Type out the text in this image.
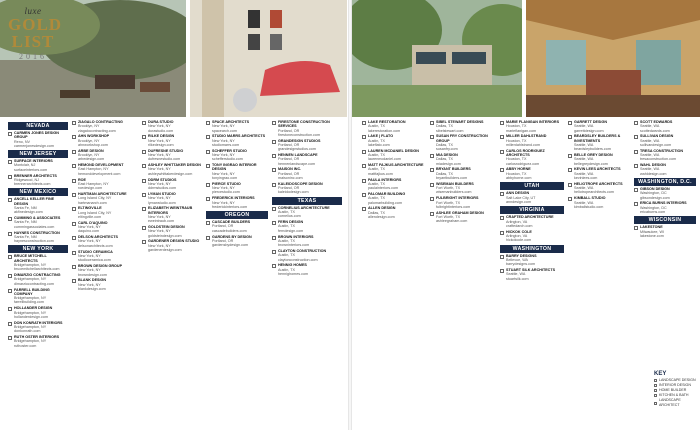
luxe
GOLD
LIST
2016
NEVADA
CARMEN JONES DESIGN GROUP
Reno, NV
carmenjonesdesign.com
NEW JERSEY
SURFACE INTERIORS
Montclair, NJ
surfaceinteriors.com
BRENNER ARCHITECTS
Ridgewood, NJ
brennerarchitects.com
NEW MEXICO
ANCELL KELLER FINE DESIGN
Santa Fe, NM
akfinedesign.com
CUMMING & ASSOCIATES
Santa Fe, NM
cummingassociates.com
HAYNES CONSTRUCTION
Santa Fe, NM
haynesconstruction.com
NEW YORK
BRUCE MITCHELL ARCHITECTS
Bridgehampton, NY
brucemitchellarchitects.com
DIMARZIO CONTRACTING
Bridgehampton, NY
dimarziocontracting.com
FARRELL BUILDING COMPANY
Bridgehampton, NY
farrellbuilding.com
HOLLANDER DESIGN
Bridgehampton, NY
hollanderdesign.com
DON KONRATH INTERIORS
Bridgehampton, NY
donkonrath.com
RUTH OSTER INTERIORS
Bridgehampton, NY
ruthoster.com
ZIAGALO CONTRACTING
Brooklyn, NY
ziagalocontracting.com
AHN WORKSHOP
Brooklyn, NY
ahnworkshop.com
ARBE DESIGN
Brooklyn, NY
arbedesign.com
HEMOND DEVELOPMENT
East Hampton, NY
hemonddevelopment.com
ROE
East Hampton, NY
roedesign.com
HARTMAN ARCHITECTURE
Long Island City, NY
hartmanarch.com
ELTINGVILLE
Long Island City, NY
eltingville.com
CARL D'AQUINO
New York, NY
daquino.com
DELSON ARCHITECTS
New York, NY
delsonarchitects.com
STUDIO CERAMICA
New York, NY
studioceramica.com
BROWN DESIGN GROUP
New York, NY
browndesign.com
BLANK DESIGN
New York, NY
blankdesign.com
DURA STUDIO
New York, NY
durastudio.com
RILKE DESIGN
New York, NY
rilkedesign.com
DUFRESNE STUDIO
New York, NY
dufresnestudio.com
ASHLEY WHITTAKER DESIGN
New York, NY
ashleywhittakerdesign.com
DDRM STUDIOS
New York, NY
ddrmstudios.com
LYMAN STUDIO
New York, NY
lymanstudio.com
ELIZABETH WEINTRAUB INTERIORS
New York, NY
eweintraub.com
GOLDSTEIN DESIGN
New York, NY
goldsteindesign.com
GARDENER DESIGN STUDIO
New York, NY
gardenerdesign.com
SPACE ARCHITECTS
New York, NY
spacearch.com
STUDIO MARRS ARCHITECTS
New York, NY
studiomarrs.com
SCHEFFER STUDIO
New York, NY
schefferstudio.com
TONY INGRAO INTERIOR DESIGN
New York, NY
tonyingrao.com
PIERCE STUDIO
New York, NY
piercestudio.com
FREDERICK INTERIORS
New York, NY
frederickinteriors.com
OREGON
CASCADE BUILDERS
Portland, OR
cascadebuilders.com
GARDENS BY DESIGN
Portland, OR
gardensbydesign.com
FIRESTONE CONSTRUCTION SERVICES
Portland, OR
firestoneconstruction.com
GRANDESIGN STUDIOS
Portland, OR
grandesignstudios.com
HENNEN LANDSCAPE
Portland, OR
hennenlandscape.com
MAISON INC.
Portland, OR
maisoninc.com
KALEIDOSCOPE DESIGN
Portland, OR
kaleidodesign.com
TEXAS
CORNELIUS ARCHITECTURE
Austin, TX
cornelius.com
FERN DESIGN
Austin, TX
ferndesign.com
BROWN INTERIORS
Austin, TX
browninteriors.com
CLAYTON CONSTRUCTION
Austin, TX
claytonconstruction.com
HENNIG HOMES
Austin, TX
hennighomes.com
LAKE RESTORATION
Austin, TX
lakerestoration.com
LAKE | FLATO
Austin, TX
lakeflato.com
LAUREN MCDANIEL DESIGN
Austin, TX
laurenmcdaniel.com
MATT FAJKUS ARCHITECTURE
Austin, TX
mattfajkus.com
PAULA INTERIORS
Austin, TX
paulainteriors.com
PALOMAR BUILDING
Austin, TX
palomarbuilding.com
ALLEN DESIGN
Dallas, TX
allendesign.com
SIBEL STEWART DESIGNS
Dallas, TX
sibelstewart.com
SUSAN FRY CONSTRUCTION GROUP
Dallas, TX
susanfry.com
MIA DESIGN
Dallas, TX
miadesign.com
BRYANT BUILDERS
Dallas, TX
bryantbuilders.com
WISEMAN BUILDERS
Fort Worth, TX
wisemanbuilders.com
FULBRIGHT INTERIORS
Fort Worth, TX
fulbrightinteriors.com
ASHLEE GRAHAM DESIGN
Fort Worth, TX
ashleegraham.com
MARIE FLANIGAN INTERIORS
Houston, TX
marieflanigan.com
MILLER DAHLSTRAND
Houston, TX
millerdahlstrand.com
CARLOS RODRIGUEZ ARCHITECTS
Houston, TX
carlosrodriguez.com
ABBY HORNE
Houston, TX
abbyhorne.com
UTAH
ANN DESIGN
Salt Lake City, UT
anndesign.com
VIRGINIA
CRAFTED ARCHITECTURE
Arlington, VA
craftedarch.com
HICKOK COLE
Arlington, VA
hickokcole.com
WASHINGTON
BARRY DESIGNS
Bellevue, WA
barrydesigns.com
STUART SILK ARCHITECTS
Seattle, WA
stuartsilk.com
GARRETT DESIGN
Seattle, WA
garrettdesign.com
BEARDSLEY BUILDERS & INVESTMENTS
Seattle, WA
beardsleybuilders.com
BELLE GREY DESIGN
Seattle, WA
bellegreydesign.com
KEVIN LEES ARCHITECTS
Seattle, WA
kevinlees.com
HELIOTROPE ARCHITECTS
Seattle, WA
heliotropearchitects.com
KIMBALL STUDIO
Seattle, WA
kimballstudio.com
SCOTT EDWARDS
Seattle, WA
scottedwards.com
SULLIVAN DESIGN
Seattle, WA
sullivandesign.com
TRESA CONSTRUCTION
Seattle, WA
tresaconstruction.com
WAHL DESIGN
Seattle, WA
wahldesign.com
WASHINGTON, D.C.
GIBSON DESIGN
Washington, DC
gibsondesign.com
ERICA BURNS INTERIORS
Washington, DC
ericaburns.com
WISCONSIN
LAKESTONE
Milwaukee, WI
lakestone.com
KEY
LANDSCAPE DESIGN
INTERIOR DESIGN
HOME BUILDER
KITCHEN & BATH
LANDSCAPE ARCHITECT
